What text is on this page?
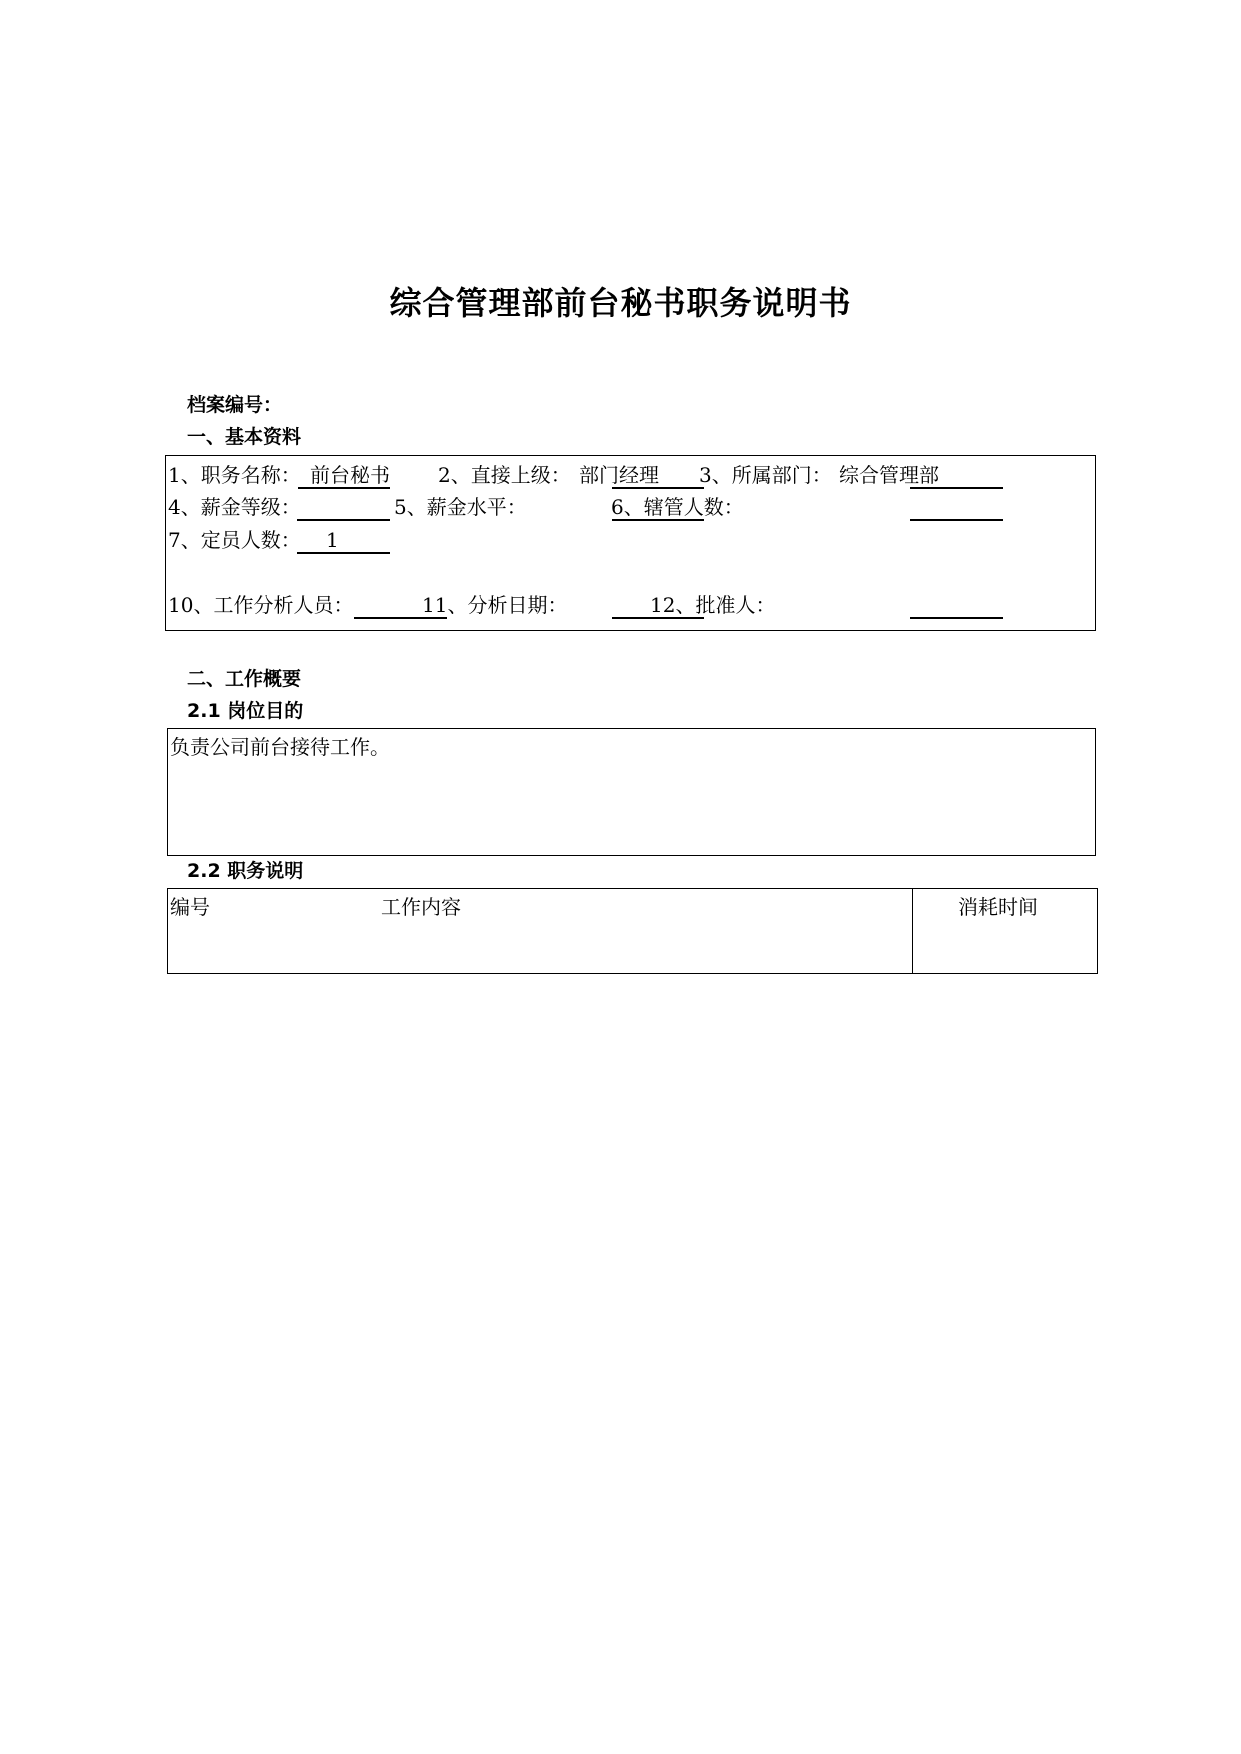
综合管理部前台秘书职务说明书
档案编号：
一、基本资料
1、职务名称： 前台秘书 2、直接上级： 部门经理 3、所属部门： 综合管理部
4、薪金等级：	5、薪金水平：	6、辖管人数：
7、定员人数： 1
10、工作分析人员：	11、分析日期：	12、批准人：
二、工作概要
2.1 岗位目的
负责公司前台接待工作。
2.2 职务说明
编号	工作内容	消耗时间
